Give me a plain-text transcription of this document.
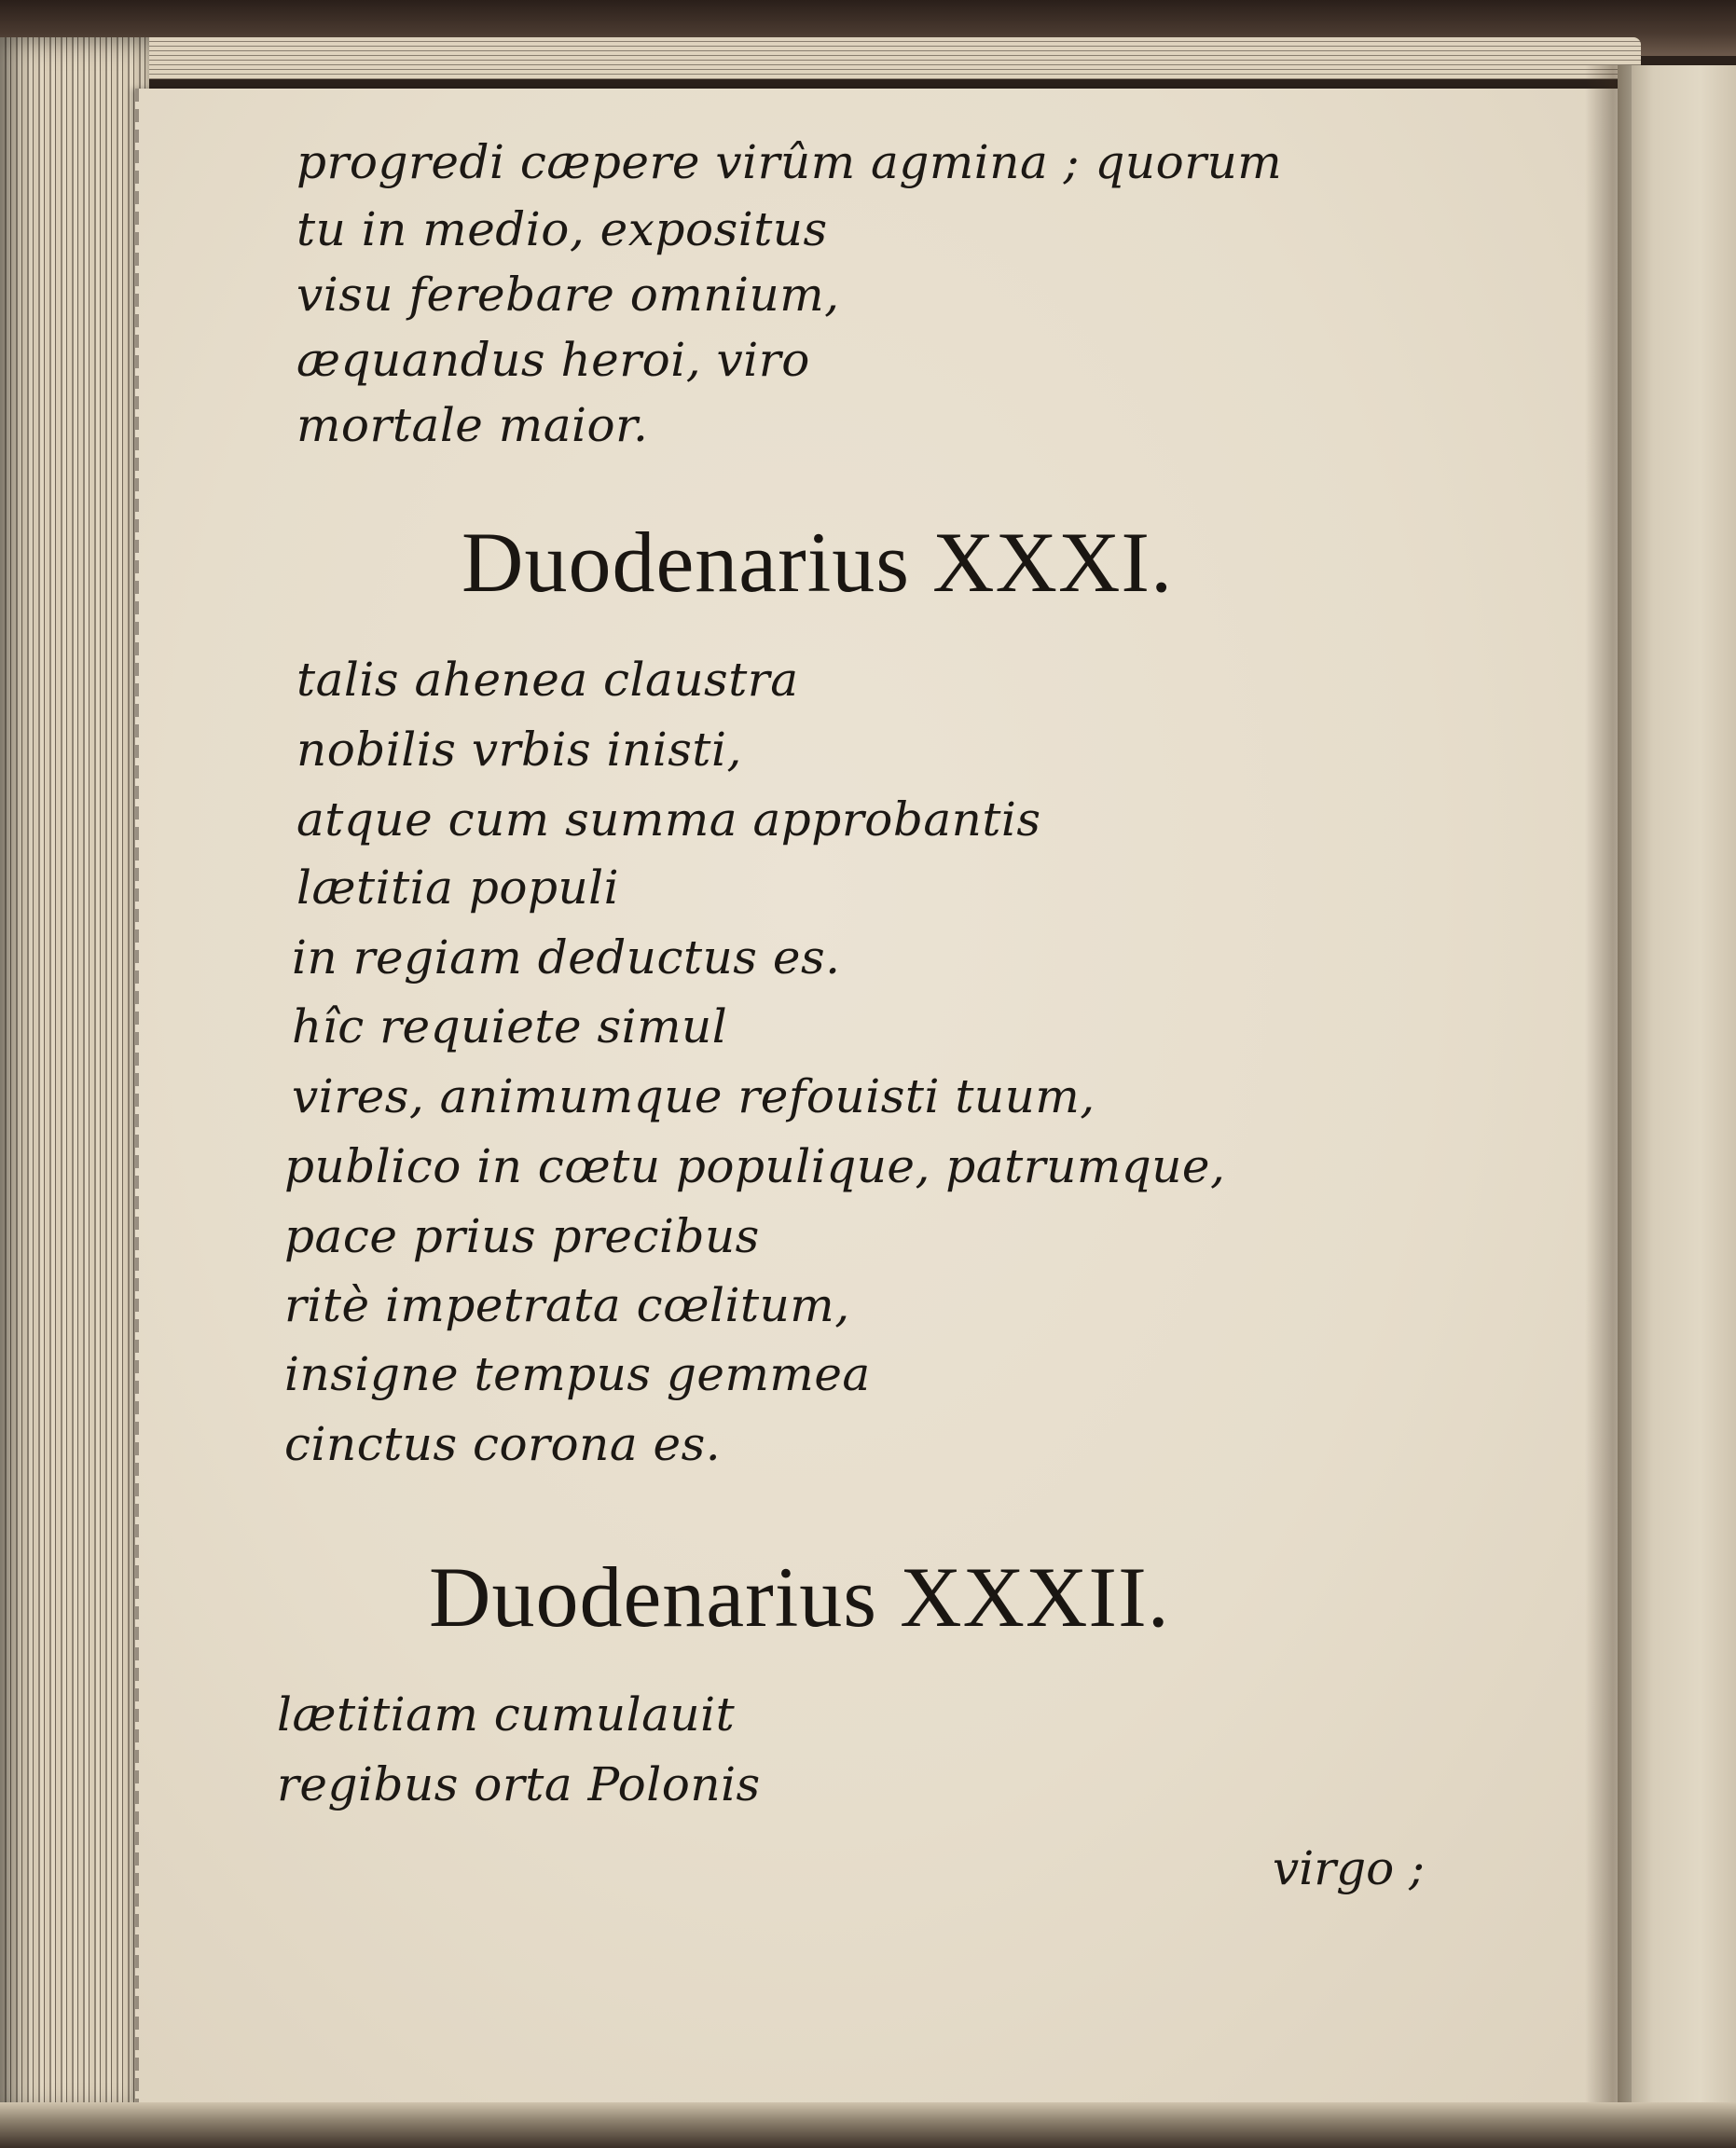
progredi cæpere virûm agmina ; quorum
tu in medio, expositus
visu ferebare omnium,
æquandus heroi, viro
mortale maior.
Duodenarius XXXI.
talis ahenea claustra
nobilis vrbis inisti,
atque cum summa approbantis
lætitia populi
in regiam deductus es.
hîc requiete simul
vires, animumque refouisti tuum,
publico in cœtu populique, patrumque,
pace prius precibus
ritè impetrata cœlitum,
insigne tempus gemmea
cinctus corona es.
Duodenarius XXXII.
lætitiam cumulauit
regibus orta Polonis
virgo ;
